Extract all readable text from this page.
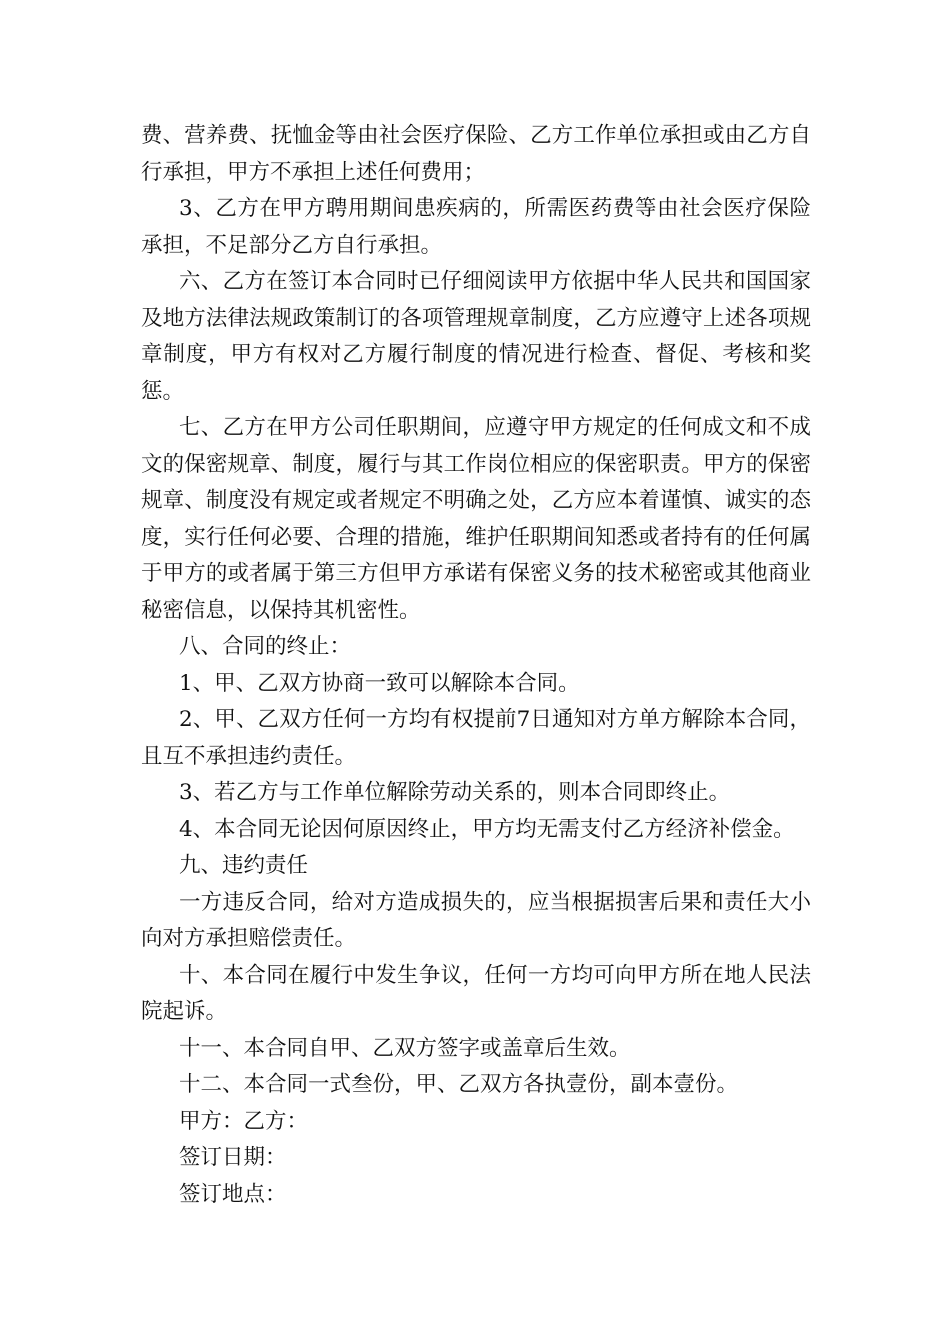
费、营养费、抚恤金等由社会医疗保险、乙方工作单位承担或由乙方自行承担，甲方不承担上述任何费用；

3、乙方在甲方聘用期间患疾病的，所需医药费等由社会医疗保险承担，不足部分乙方自行承担。

六、乙方在签订本合同时已仔细阅读甲方依据中华人民共和国国家及地方法律法规政策制订的各项管理规章制度，乙方应遵守上述各项规章制度，甲方有权对乙方履行制度的情况进行检查、督促、考核和奖惩。

七、乙方在甲方公司任职期间，应遵守甲方规定的任何成文和不成文的保密规章、制度，履行与其工作岗位相应的保密职责。甲方的保密规章、制度没有规定或者规定不明确之处，乙方应本着谨慎、诚实的态度，实行任何必要、合理的措施，维护任职期间知悉或者持有的任何属于甲方的或者属于第三方但甲方承诺有保密义务的技术秘密或其他商业秘密信息，以保持其机密性。

八、合同的终止：

1、甲、乙双方协商一致可以解除本合同。

2、甲、乙双方任何一方均有权提前7日通知对方单方解除本合同，且互不承担违约责任。

3、若乙方与工作单位解除劳动关系的，则本合同即终止。

4、本合同无论因何原因终止，甲方均无需支付乙方经济补偿金。

九、违约责任

一方违反合同，给对方造成损失的，应当根据损害后果和责任大小向对方承担赔偿责任。

十、本合同在履行中发生争议，任何一方均可向甲方所在地人民法院起诉。

十一、本合同自甲、乙双方签字或盖章后生效。

十二、本合同一式叁份，甲、乙双方各执壹份，副本壹份。

甲方：乙方：

签订日期：

签订地点：
